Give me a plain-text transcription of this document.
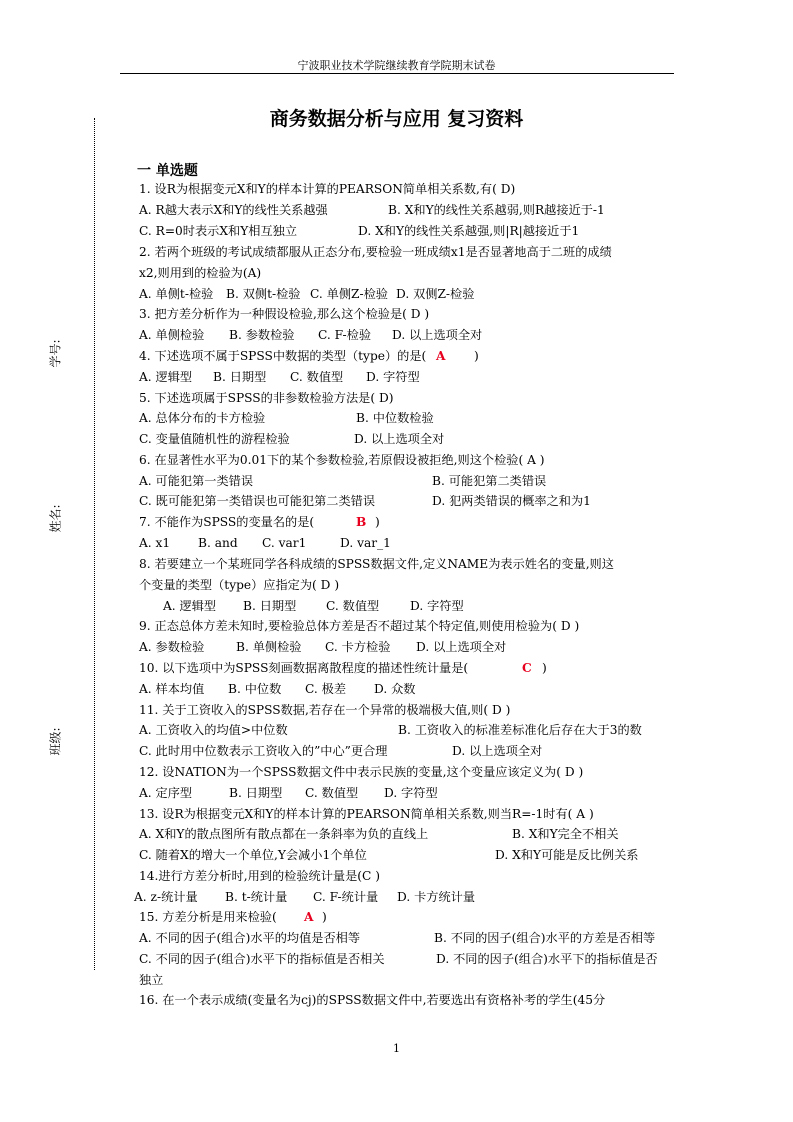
宁波职业技术学院继续教育学院期末试卷
商务数据分析与应用 复习资料
一 单选题
学号:
姓名:
班级:
1. 设R为根据变元X和Y的样本计算的PEARSON简单相关系数,有( D)
A. R越大表示X和Y的线性关系越强	B. X和Y的线性关系越弱,则R越接近于-1
C. R=0时表示X和Y相互独立	D. X和Y的线性关系越强,则|R|越接近于1
2. 若两个班级的考试成绩都服从正态分布,要检验一班成绩x1是否显著地高于二班的成绩
x2,则用到的检验为(A)
A. 单侧t-检验 B. 双侧t-检验 C. 单侧Z-检验 D. 双侧Z-检验
3. 把方差分析作为一种假设检验,那么这个检验是( D )
A. 单侧检验 B. 参数检验 C. F-检验 D. 以上选项全对
4. 下述选项不属于SPSS中数据的类型（type）的是( A )
A. 逻辑型 B. 日期型 C. 数值型 D. 字符型
5. 下述选项属于SPSS的非参数检验方法是( D)
A. 总体分布的卡方检验	B. 中位数检验
C. 变量值随机性的游程检验	D. 以上选项全对
6. 在显著性水平为0.01下的某个参数检验,若原假设被拒绝,则这个检验( A )
A. 可能犯第一类错误	B. 可能犯第二类错误
C. 既可能犯第一类错误也可能犯第二类错误	D. 犯两类错误的概率之和为1
7. 不能作为SPSS的变量名的是(	B )
A. x1 B. and C. var1	D. var_1
8. 若要建立一个某班同学各科成绩的SPSS数据文件,定义NAME为表示姓名的变量,则这
个变量的类型（type）应指定为( D )
A. 逻辑型 B. 日期型 C. 数值型	D. 字符型
9. 正态总体方差未知时,要检验总体方差是否不超过某个特定值,则使用检验为( D )
A. 参数检验	B. 单侧检验 C. 卡方检验 D. 以上选项全对
10. 以下选项中为SPSS刻画数据离散程度的描述性统计量是(	C )
A. 样本均值 B. 中位数 C. 极差 D. 众数
11. 关于工资收入的SPSS数据,若存在一个异常的极端极大值,则( D )
A. 工资收入的均值>中位数	B. 工资收入的标准差标准化后存在大于3的数
C. 此时用中位数表示工资收入的”中心”更合理	D. 以上选项全对
12. 设NATION为一个SPSS数据文件中表示民族的变量,这个变量应该定义为( D )
A. 定序型	B. 日期型 C. 数值型 D. 字符型
13. 设R为根据变元X和Y的样本计算的PEARSON简单相关系数,则当R=-1时有( A )
A. X和Y的散点图所有散点都在一条斜率为负的直线上	B. X和Y完全不相关
C. 随着X的增大一个单位,Y会减小1个单位	D. X和Y可能是反比例关系
14.进行方差分析时,用到的检验统计量是(C )
A. z-统计量 B. t-统计量 C. F-统计量 D. 卡方统计量
15. 方差分析是用来检验( A )
A. 不同的因子(组合)水平的均值是否相等	B. 不同的因子(组合)水平的方差是否相等
C. 不同的因子(组合)水平下的指标值是否相关	D. 不同的因子(组合)水平下的指标值是否
独立
16. 在一个表示成绩(变量名为cj)的SPSS数据文件中,若要选出有资格补考的学生(45分
1
